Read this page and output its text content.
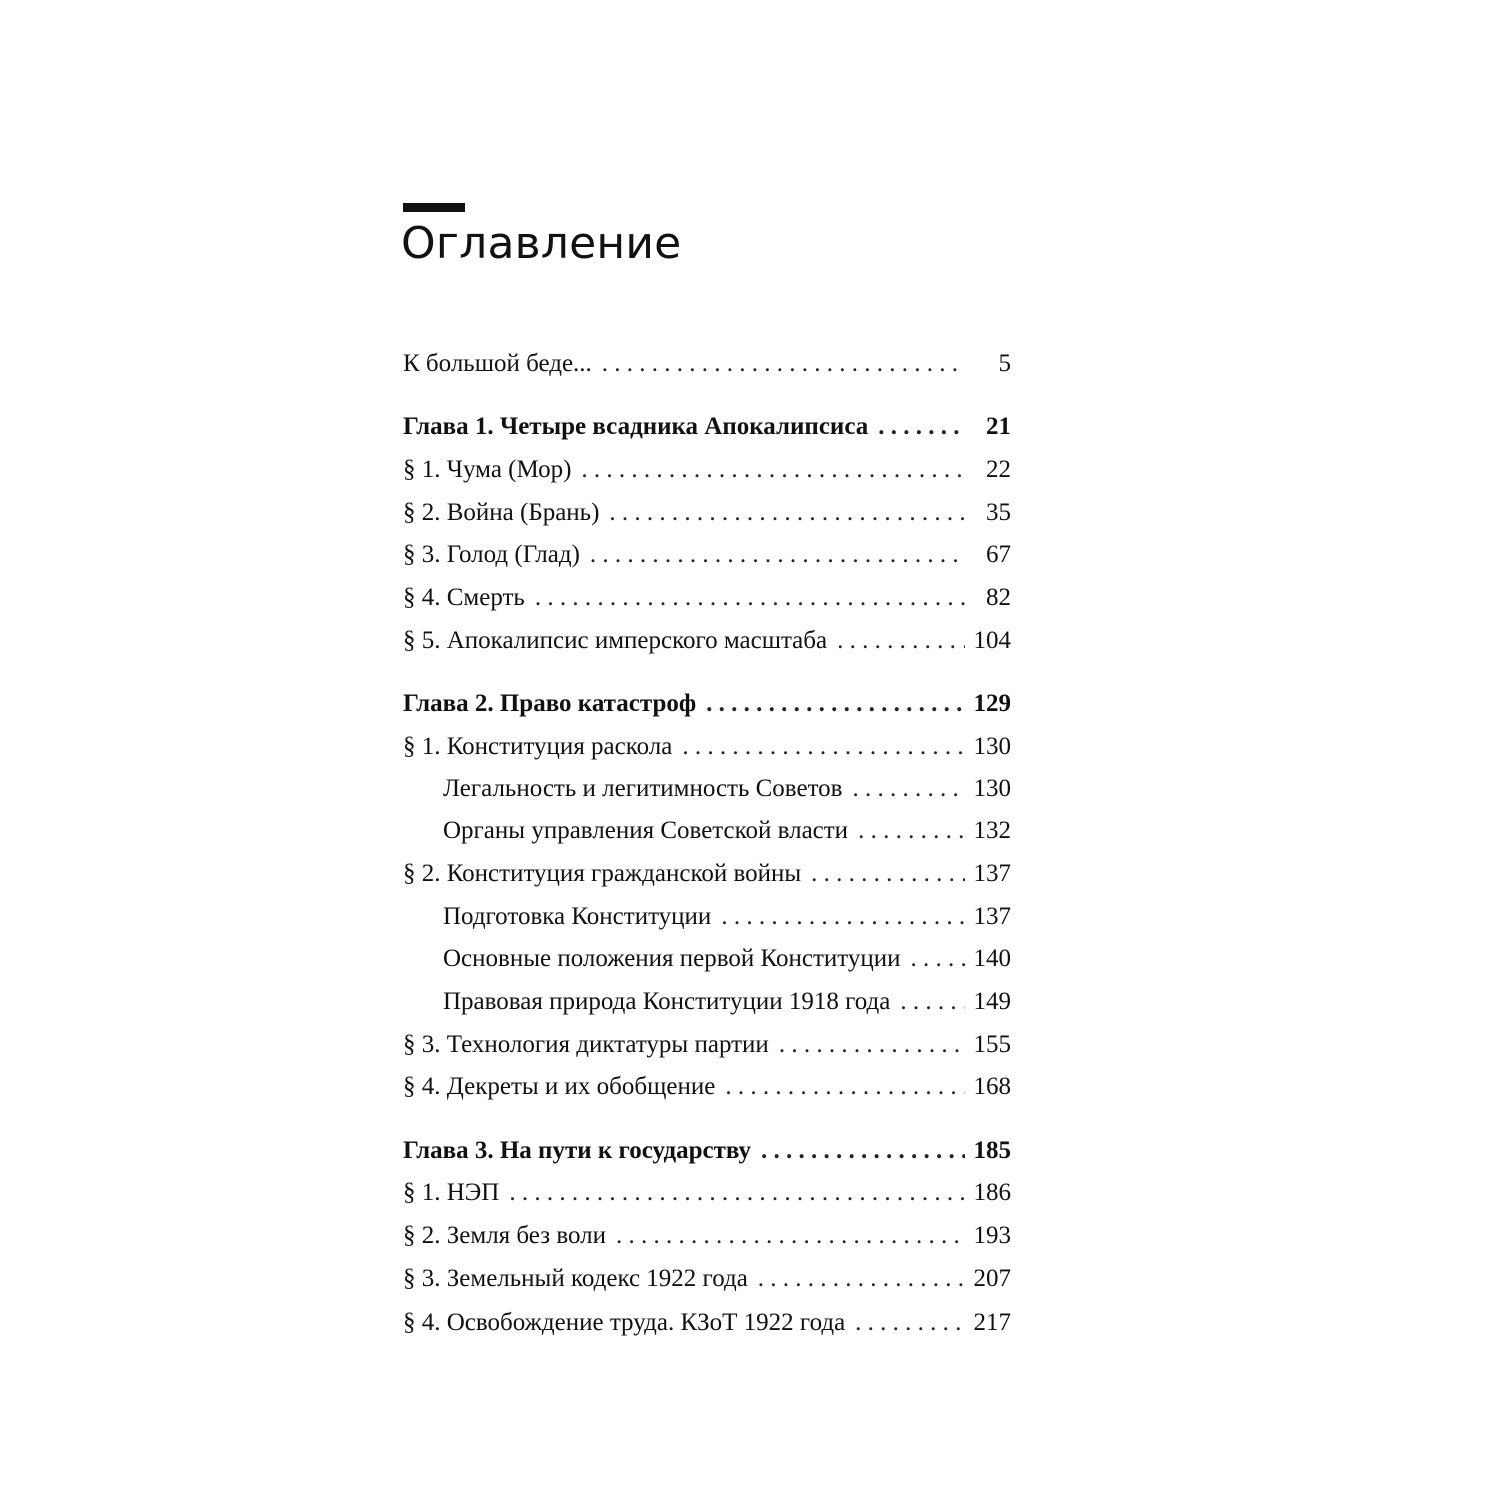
Оглавление
К большой беде... . . .	5
Глава 1. Четыре всадника Апокалипсиса . . .	21
§ 1. Чума (Мор) . . .	22
§ 2. Война (Брань) . . .	35
§ 3. Голод (Глад) . . .	67
§ 4. Смерть . . .	82
§ 5. Апокалипсис имперского масштаба . . .	104
Глава 2. Право катастроф . . .	129
§ 1. Конституция раскола . . .	130
Легальность и легитимность Советов . . .	130
Органы управления Советской власти . . .	132
§ 2. Конституция гражданской войны . . .	137
Подготовка Конституции . . .	137
Основные положения первой Конституции . . .	140
Правовая природа Конституции 1918 года . . .	149
§ 3. Технология диктатуры партии . . .	155
§ 4. Декреты и их обобщение . . .	168
Глава 3. На пути к государству . . .	185
§ 1. НЭП . . .	186
§ 2. Земля без воли . . .	193
§ 3. Земельный кодекс 1922 года . . .	207
§ 4. Освобождение труда. КЗоТ 1922 года . . .	217
